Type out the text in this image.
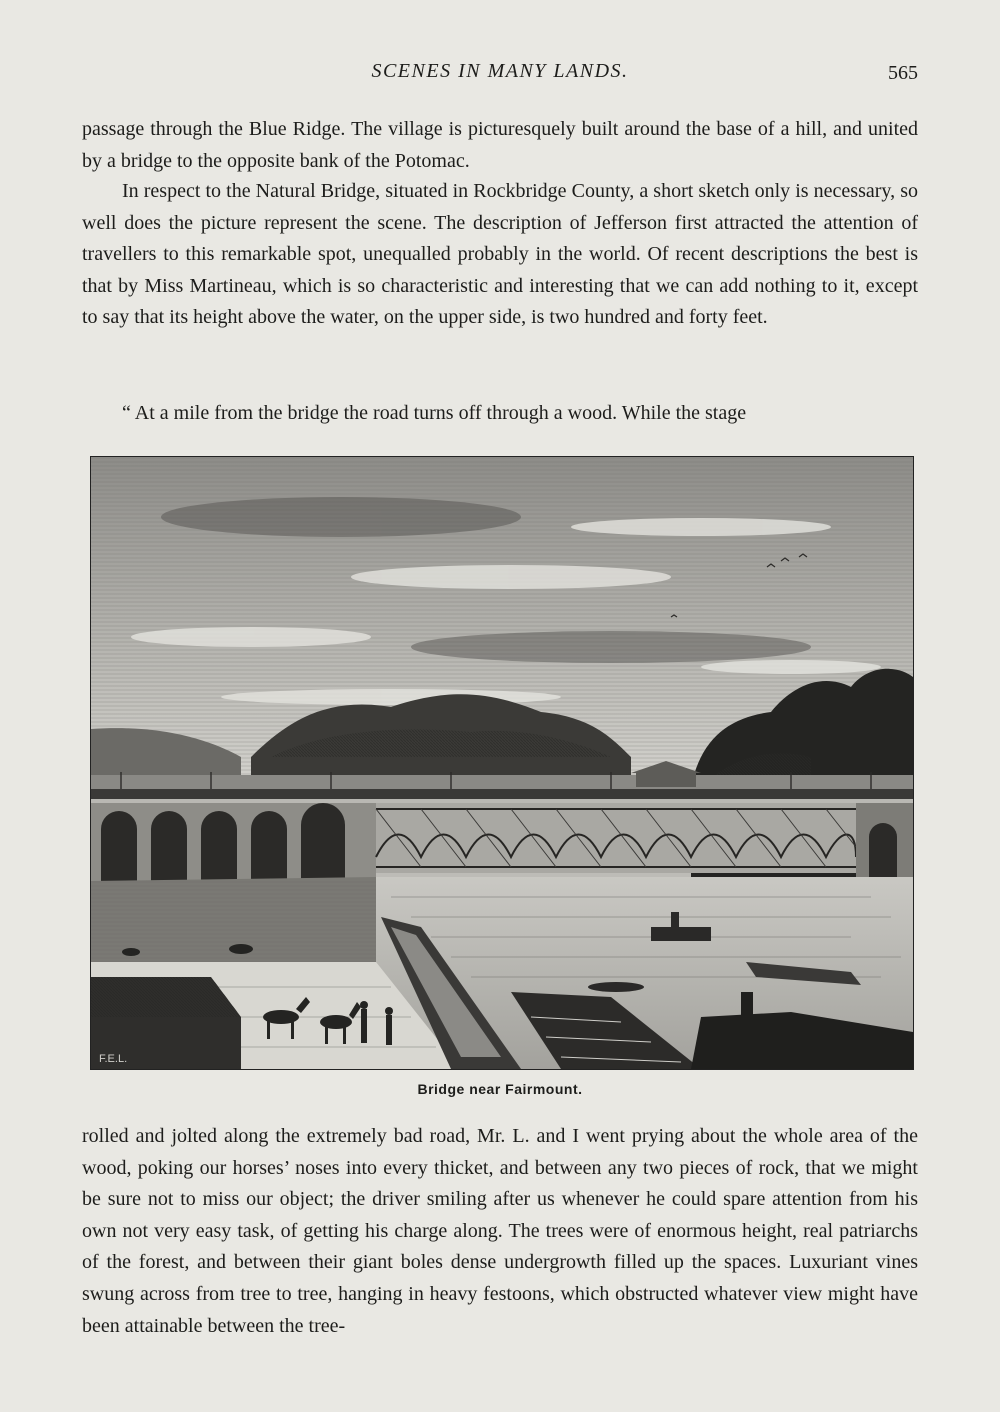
SCENES IN MANY LANDS.	565

passage through the Blue Ridge. The village is picturesquely built around the base of a hill, and united by a bridge to the opposite bank of the Potomac.

In respect to the Natural Bridge, situated in Rockbridge County, a short sketch only is necessary, so well does the picture represent the scene. The description of Jefferson first attracted the attention of travellers to this remarkable spot, unequalled probably in the world. Of recent descriptions the best is that by Miss Martineau, which is so characteristic and interesting that we can add nothing to it, except to say that its height above the water, on the upper side, is two hundred and forty feet.

“ At a mile from the bridge the road turns off through a wood. While the stage

F.E.L.
Bridge near Fairmount.

rolled and jolted along the extremely bad road, Mr. L. and I went prying about the whole area of the wood, poking our horses’ noses into every thicket, and between any two pieces of rock, that we might be sure not to miss our object; the driver smiling after us whenever he could spare attention from his own not very easy task, of getting his charge along. The trees were of enormous height, real patriarchs of the forest, and between their giant boles dense undergrowth filled up the spaces. Luxuriant vines swung across from tree to tree, hanging in heavy festoons, which obstructed whatever view might have been attainable between the tree-
